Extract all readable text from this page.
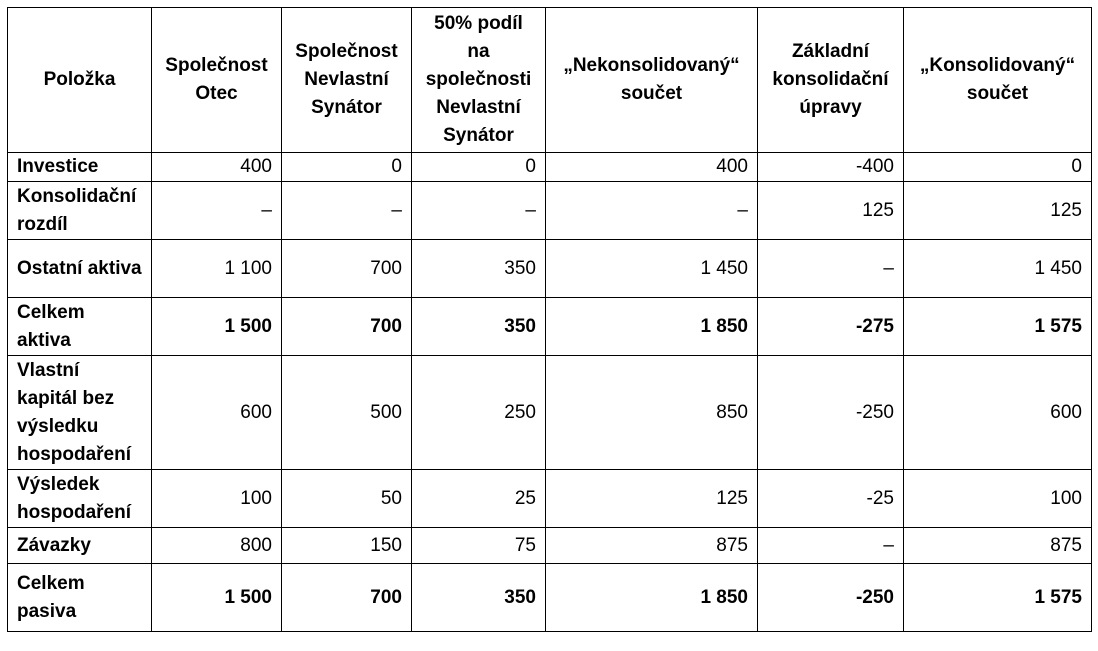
Položka	Společnost Otec	Společnost Nevlastní Synátor	50% podíl na společnosti Nevlastní Synátor	„Nekonsolidovaný“ součet	Základní konsolidační úpravy	„Konsolidovaný“ součet
Investice	400	0	0	400	-400	0
Konsolidační rozdíl	–	–	–	–	125	125
Ostatní aktiva	1 100	700	350	1 450	–	1 450
Celkem aktiva	1 500	700	350	1 850	-275	1 575
Vlastní kapitál bez výsledku hospodaření	600	500	250	850	-250	600
Výsledek hospodaření	100	50	25	125	-25	100
Závazky	800	150	75	875	–	875
Celkem pasiva	1 500	700	350	1 850	-250	1 575
